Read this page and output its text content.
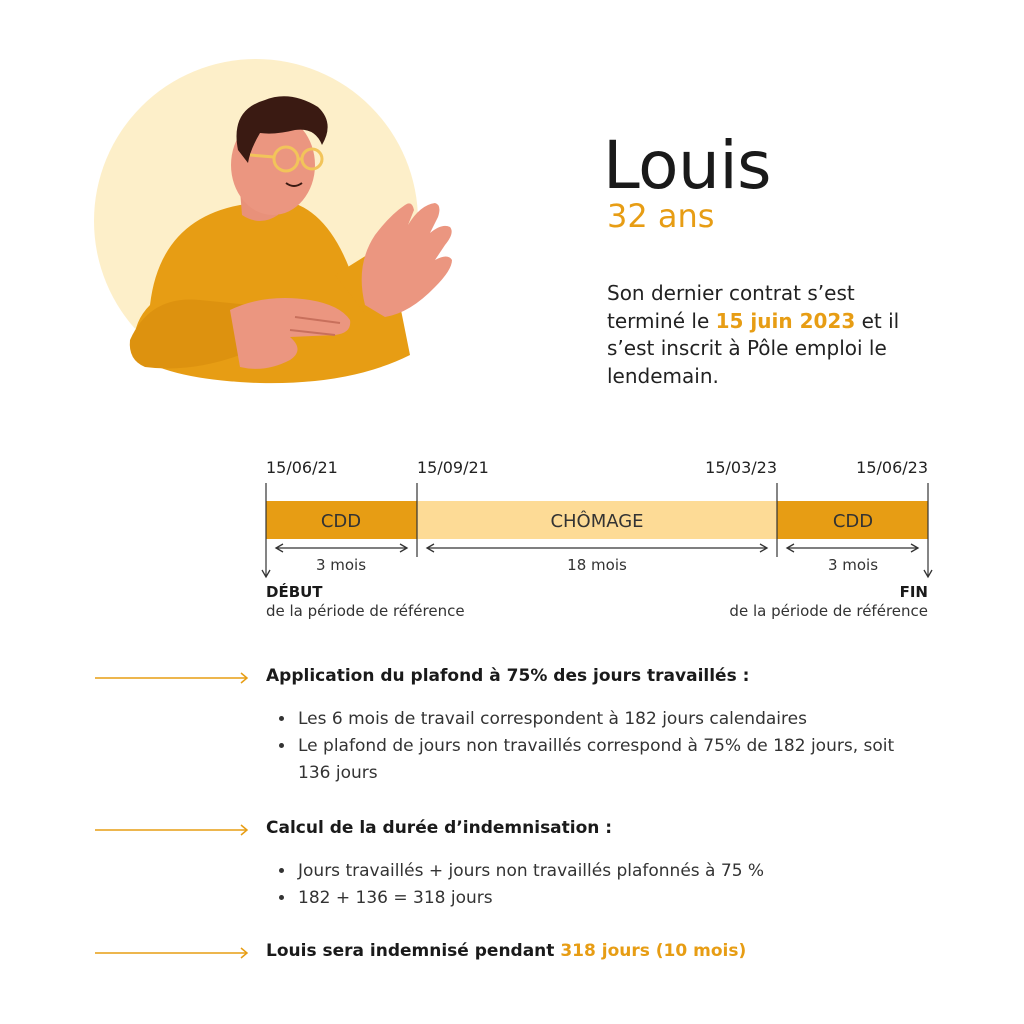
Louis
32 ans
Son dernier contrat s’est terminé le 15 juin 2023 et il s’est inscrit à Pôle emploi le lendemain.
15/06/21	15/09/21	15/03/23	15/06/23
CDD	CHÔMAGE	CDD
3 mois	18 mois	3 mois
DÉBUT
de la période de référence
FIN
de la période de référence
Application du plafond à 75% des jours travaillés :
• Les 6 mois de travail correspondent à 182 jours calendaires
• Le plafond de jours non travaillés correspond à 75% de 182 jours, soit 136 jours
Calcul de la durée d’indemnisation :
• Jours travaillés + jours non travaillés plafonnés à 75 %
• 182 + 136 = 318 jours
Louis sera indemnisé pendant 318 jours (10 mois)
